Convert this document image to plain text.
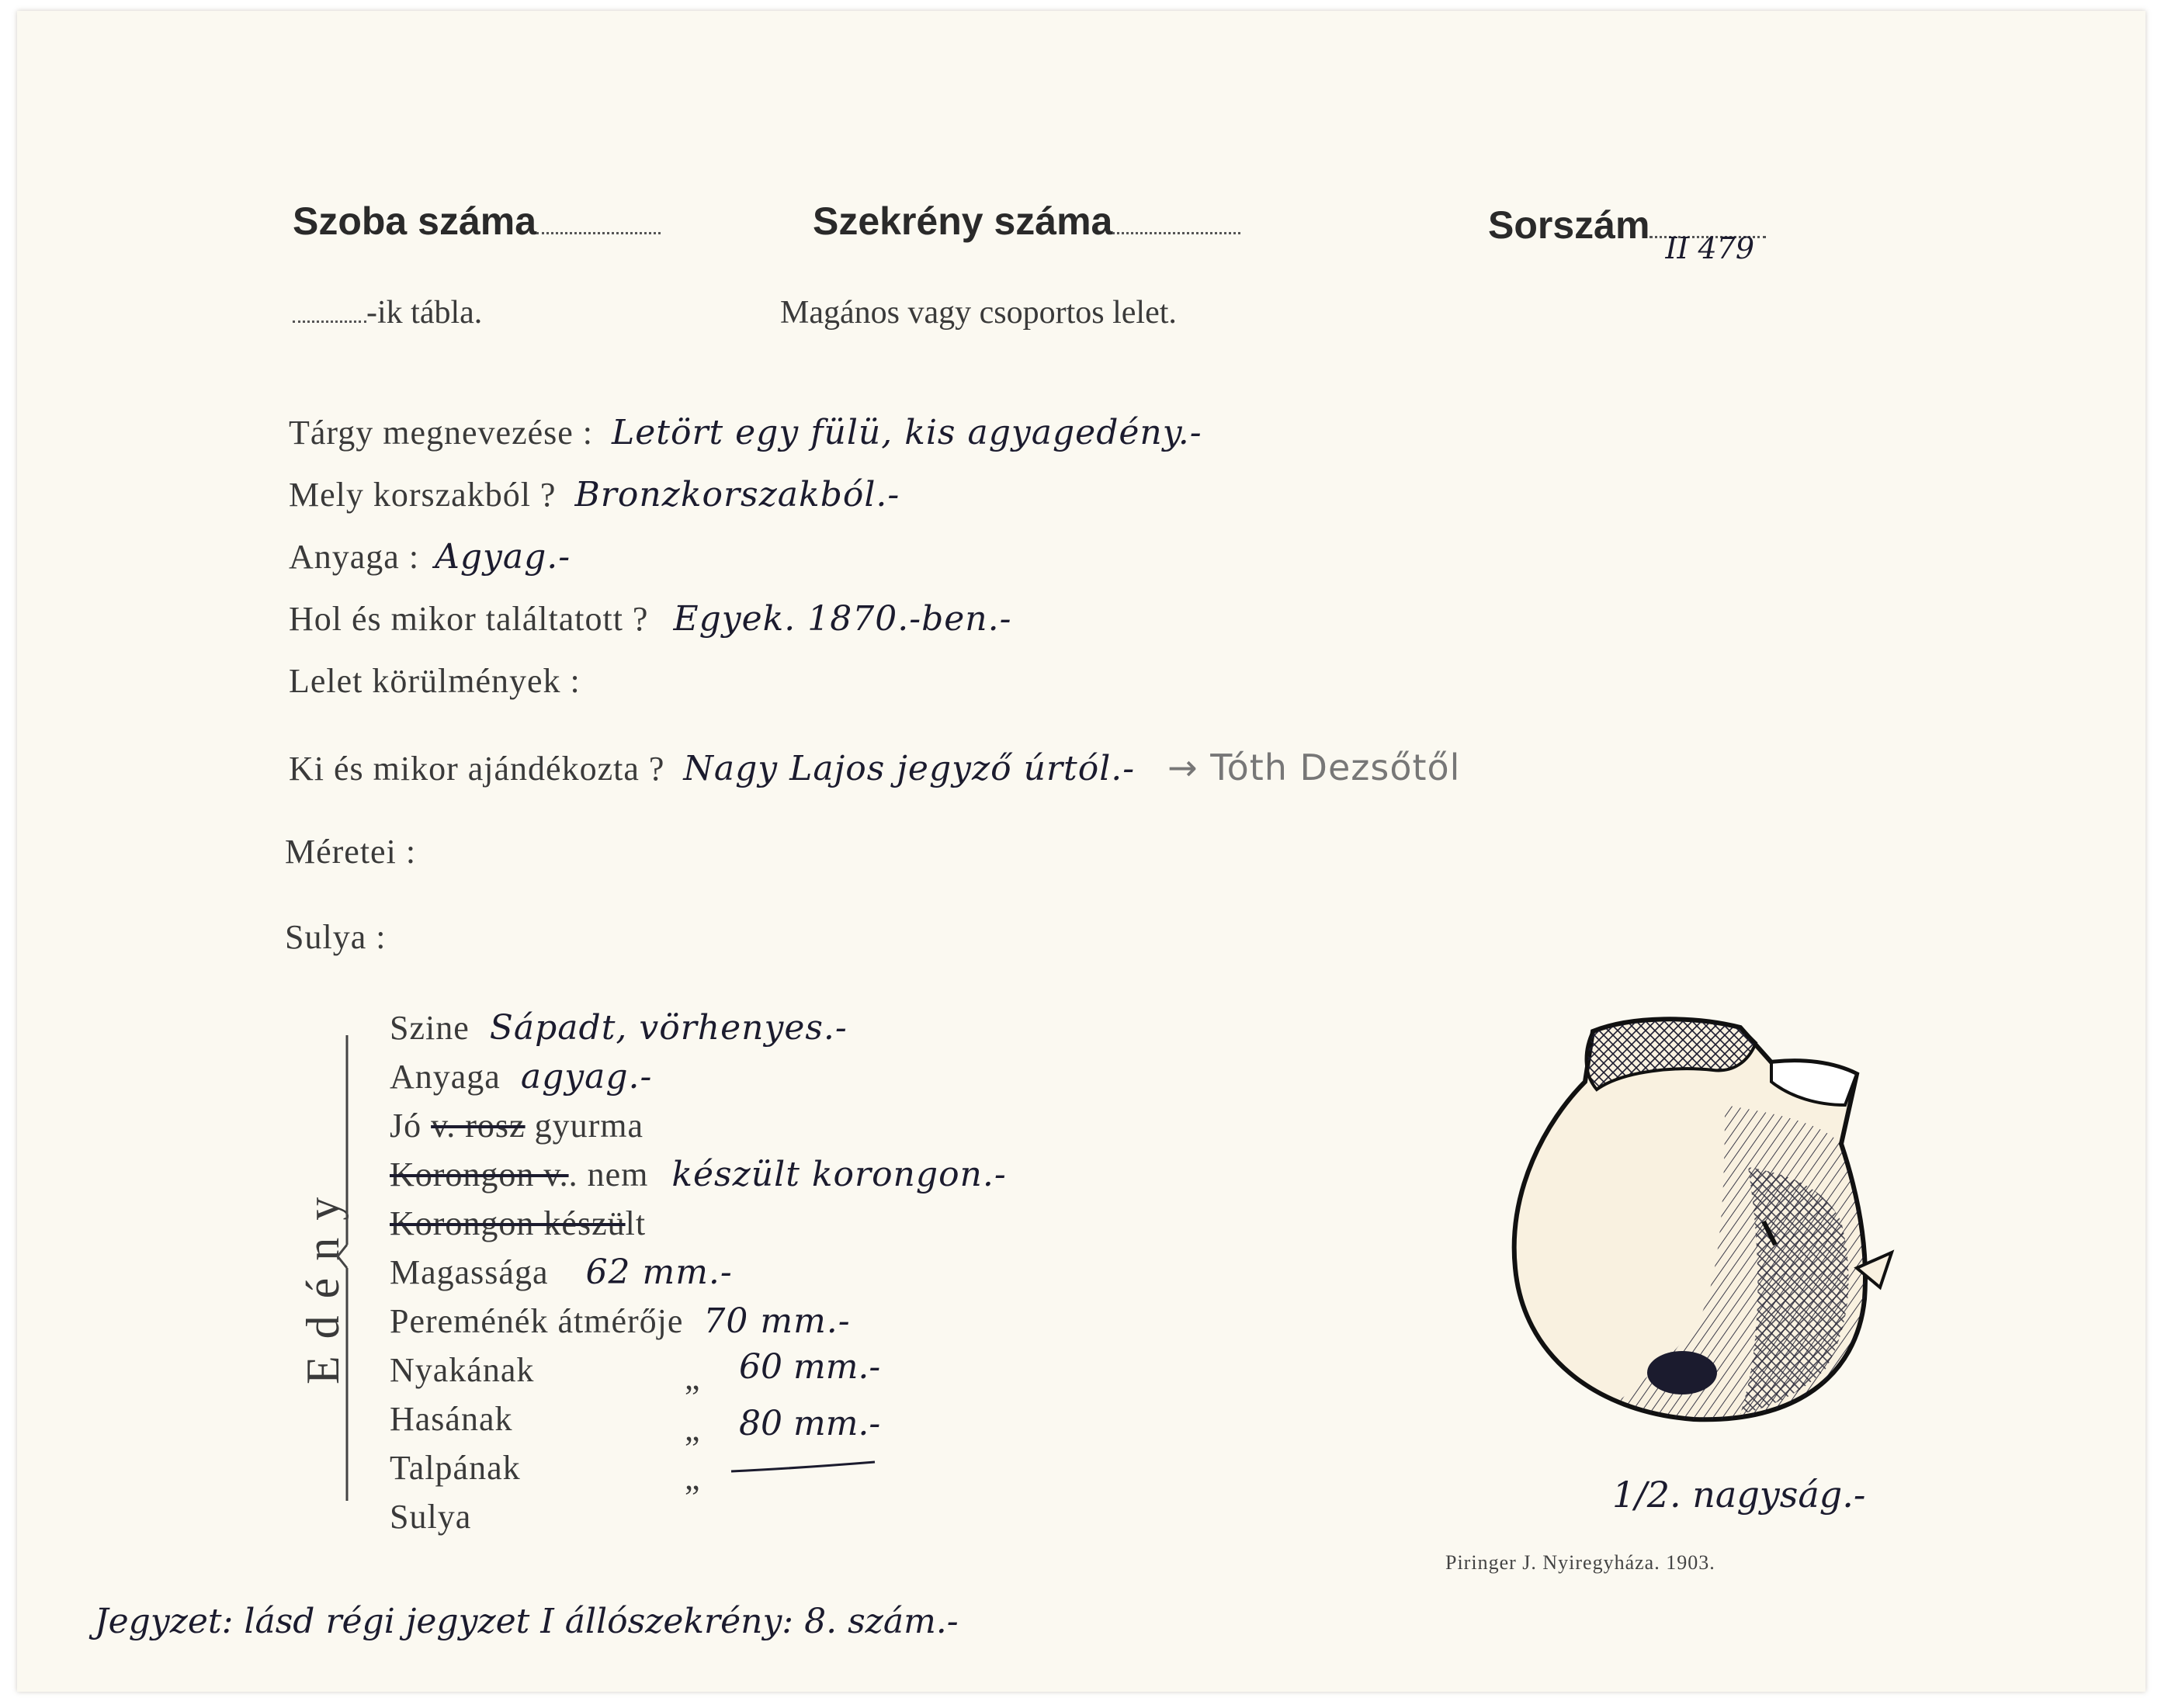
Szoba száma	Szekrény száma	Sorszám
II 479
-ik tábla.	Magános vagy csoportos lelet.
Tárgy megnevezése : Letört egy fülü, kis agyagedény.-
Mely korszakból ? Bronzkorszakból.-
Anyaga : Agyag.-
Hol és mikor találtatott ? Egyek. 1870.-ben.-
Lelet körülmények :
Ki és mikor ajándékozta ? Nagy Lajos jegyző úrtól.- → Tóth Dezsőtől
Méretei :
Sulya :
Edény
Szine Sápadt, vörhenyes.-
Anyaga agyag.-
Jó v. rosz gyurma
Korongon v.. nem készült korongon.-
Korongon készült
Magassága 62 mm.-
Pereménék átmérője 70 mm.-
Nyakának	„ 60 mm.-
Hasának	„ 80 mm.-
Talpának	„
Sulya
1/2. nagyság.-
Piringer J. Nyiregyháza. 1903.
Jegyzet: lásd régi jegyzet I állószekrény: 8. szám.-
